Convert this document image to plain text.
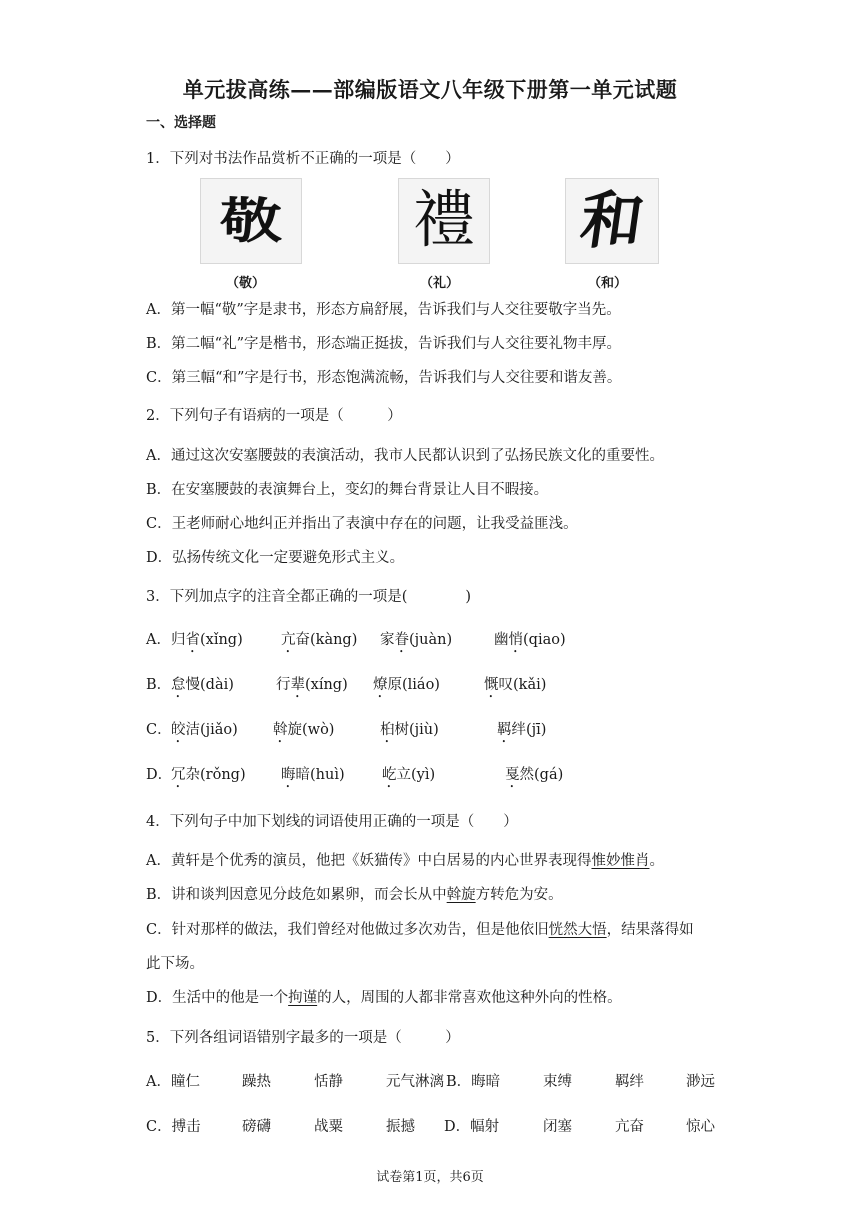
单元拔高练——部编版语文八年级下册第一单元试题
一、选择题
1．下列对书法作品赏析不正确的一项是（　　）
敬 禮 和
（敬）	（礼）	（和）
A．第一幅“敬”字是隶书，形态方扁舒展，告诉我们与人交往要敬字当先。
B．第二幅“礼”字是楷书，形态端正挺拔，告诉我们与人交往要礼物丰厚。
C．第三幅“和”字是行书，形态饱满流畅，告诉我们与人交往要和谐友善。
2．下列句子有语病的一项是（　　　）
A．通过这次安塞腰鼓的表演活动，我市人民都认识到了弘扬民族文化的重要性。
B．在安塞腰鼓的表演舞台上，变幻的舞台背景让人目不暇接。
C．王老师耐心地纠正并指出了表演中存在的问题，让我受益匪浅。
D．弘扬传统文化一定要避免形式主义。
3．下列加点字的注音全都正确的一项是(　　　　)
A． 归省(xǐng)	亢奋(kàng) 家眷(juàn)	幽悄(qiao)
B． 怠慢(dài)	行辈(xíng) 燎原(liáo)	慨叹(kǎi)
C． 皎洁(jiǎo) 斡旋(wò)	桕树(jiù)	羁绊(jī)
D．
冗杂(rǒng) 晦暗(huì)	屹立(yì)	戛然(gá)
4．下列句子中加下划线的词语使用正确的一项是（　　）
A．黄轩是个优秀的演员，他把《妖猫传》中白居易的内心世界表现得惟妙惟肖。
B．讲和谈判因意见分歧危如累卵，而会长从中斡旋方转危为安。
C．针对那样的做法，我们曾经对他做过多次劝告，但是他依旧恍然大悟，结果落得如
此下场。
D．生活中的他是一个拘谨的人，周围的人都非常喜欢他这种外向的性格。
5．下列各组词语错别字最多的一项是（　　　）
A．瞳仁	躁热	恬静	元气淋漓 B．晦暗	束缚	羁绊	渺远
C．搏击	磅礴	战粟	振撼 D．幅射	闭塞	亢奋	惊心
试卷第1页，共6页
